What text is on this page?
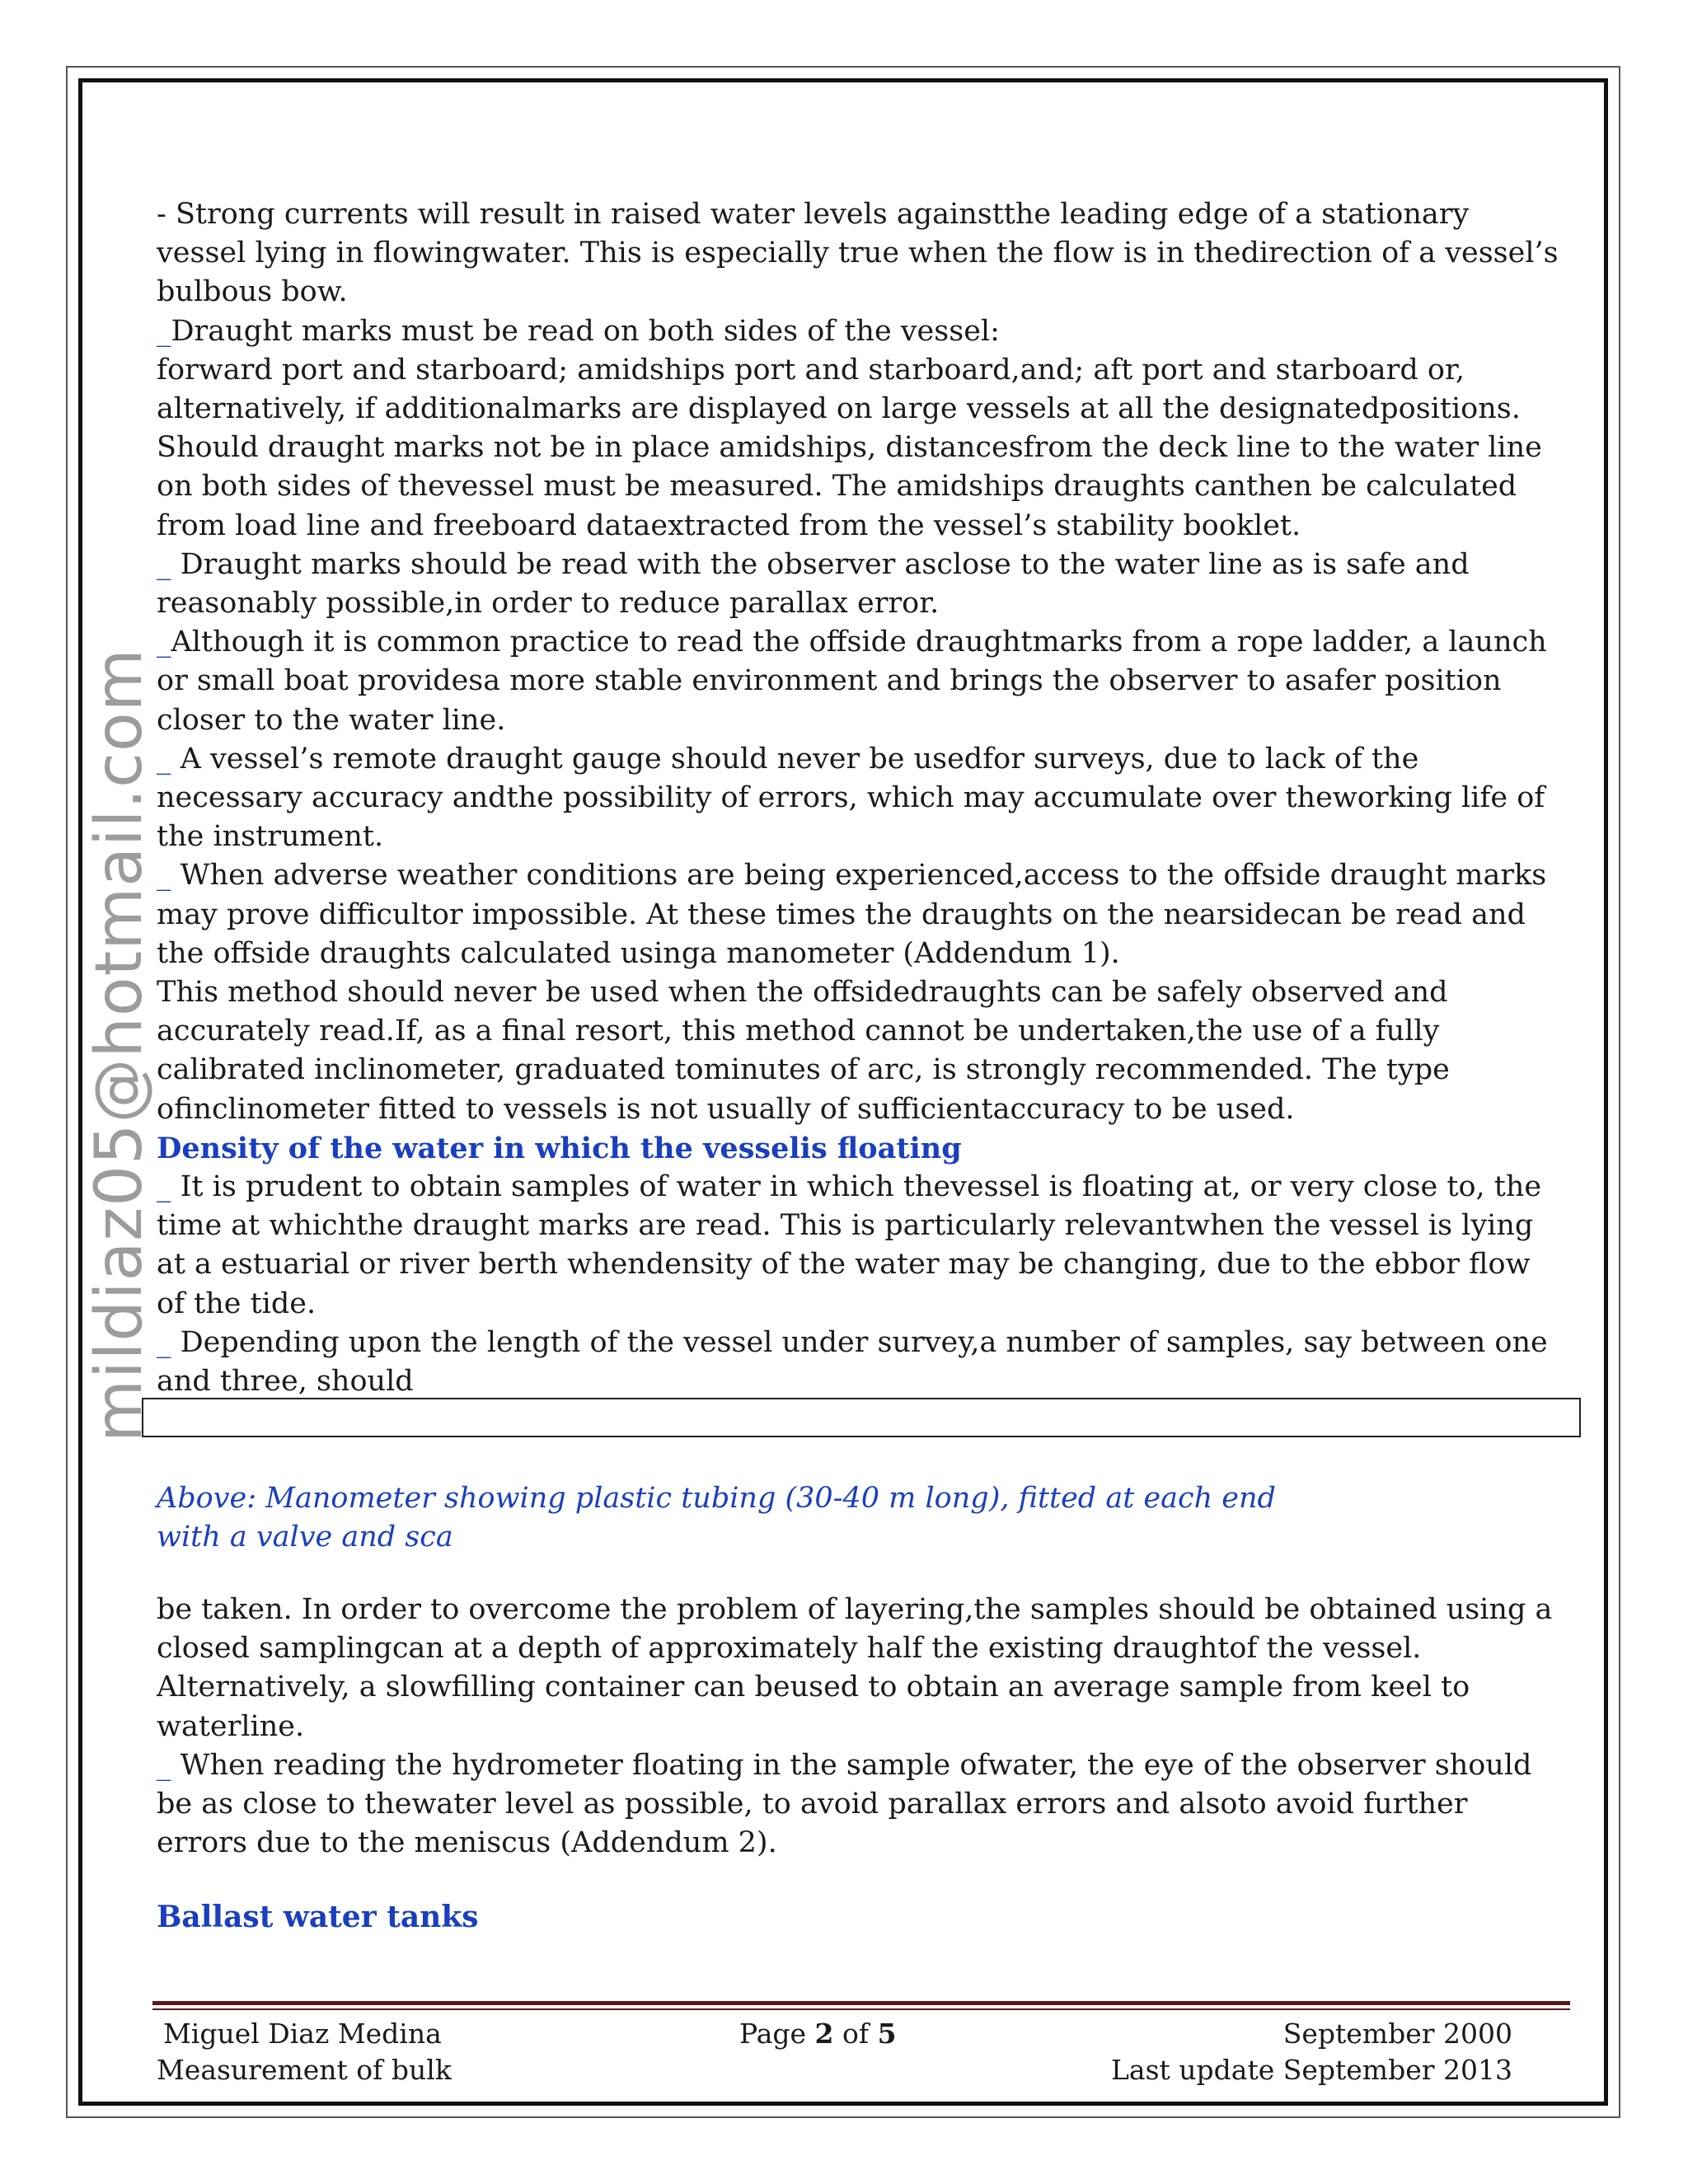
mildiaz05@hotmail.com

- Strong currents will result in raised water levels againstthe leading edge of a stationary vessel lying in flowingwater. This is especially true when the flow is in thedirection of a vessel’s bulbous bow.

_Draught marks must be read on both sides of the vessel:

forward port and starboard; amidships port and starboard,and; aft port and starboard or, alternatively, if additionalmarks are displayed on large vessels at all the designatedpositions. Should draught marks not be in place amidships, distancesfrom the deck line to the water line on both sides of thevessel must be measured. The amidships draughts canthen be calculated from load line and freeboard dataextracted from the vessel’s stability booklet.

_ Draught marks should be read with the observer asclose to the water line as is safe and reasonably possible,in order to reduce parallax error.

_Although it is common practice to read the offside draughtmarks from a rope ladder, a launch or small boat providesa more stable environment and brings the observer to asafer position closer to the water line.

_ A vessel’s remote draught gauge should never be usedfor surveys, due to lack of the necessary accuracy andthe possibility of errors, which may accumulate over theworking life of the instrument.

_ When adverse weather conditions are being experienced,access to the offside draught marks may prove difficultor impossible. At these times the draughts on the nearsidecan be read and the offside draughts calculated usinga manometer (Addendum 1).

This method should never be used when the offsidedraughts can be safely observed and accurately read.If, as a final resort, this method cannot be undertaken,the use of a fully calibrated inclinometer, graduated tominutes of arc, is strongly recommended. The type ofinclinometer fitted to vessels is not usually of sufficientaccuracy to be used.

Density of the water in which the vesselis floating

_ It is prudent to obtain samples of water in which thevessel is floating at, or very close to, the time at whichthe draught marks are read. This is particularly relevantwhen the vessel is lying at a estuarial or river berth whendensity of the water may be changing, due to the ebbor flow of the tide.

_ Depending upon the length of the vessel under survey,a number of samples, say between one and three, should

Above: Manometer showing plastic tubing (30-40 m long), fitted at each end
with a valve and sca

be taken. In order to overcome the problem of layering,the samples should be obtained using a closed samplingcan at a depth of approximately half the existing draughtof the vessel. Alternatively, a slowfilling container can beused to obtain an average sample from keel to waterline.

_ When reading the hydrometer floating in the sample ofwater, the eye of the observer should be as close to thewater level as possible, to avoid parallax errors and alsoto avoid further errors due to the meniscus (Addendum 2).

Ballast water tanks
Miguel Diaz Medina
Measurement of bulk
Page 2 of 5	September 2000
Last update September 2013
